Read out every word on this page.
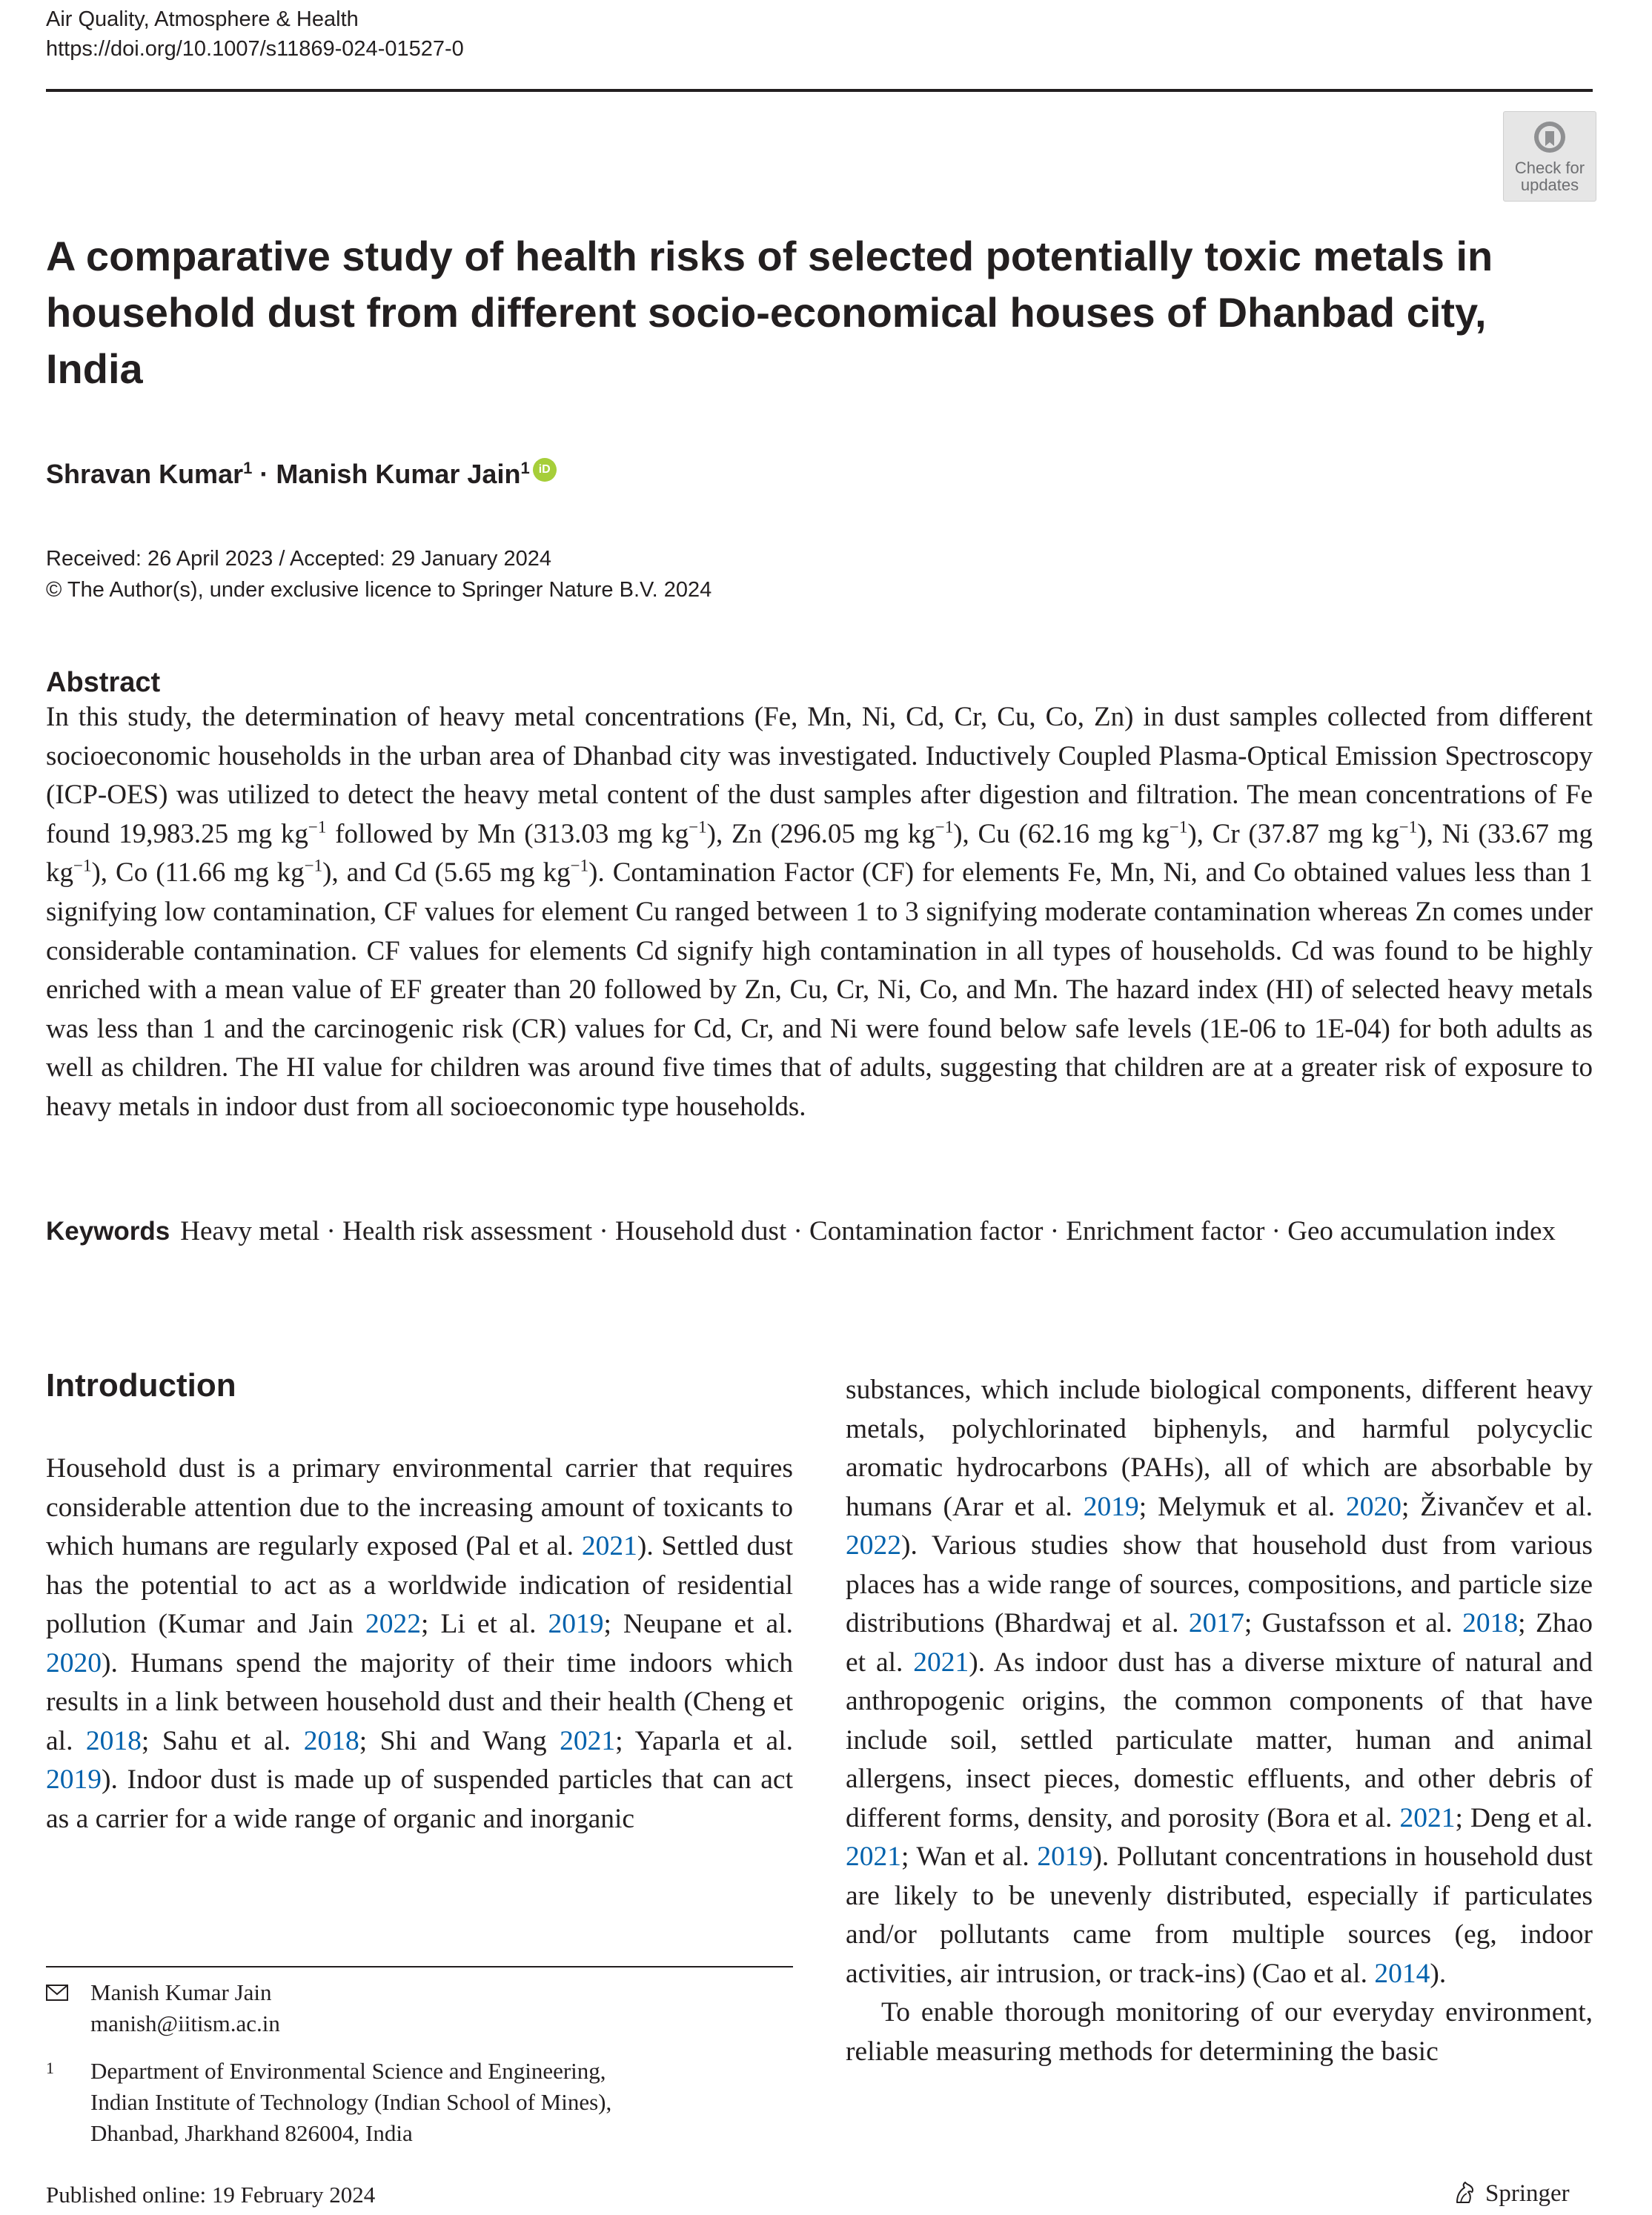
Air Quality, Atmosphere & Health
https://doi.org/10.1007/s11869-024-01527-0
Check for
updates
A comparative study of health risks of selected potentially toxic metals in household dust from different socio-economical houses of Dhanbad city, India
Shravan Kumar$^1$ · Manish Kumar Jain$^1$ iD
Received: 26 April 2023 / Accepted: 29 January 2024
© The Author(s), under exclusive licence to Springer Nature B.V. 2024
Abstract
In this study, the determination of heavy metal concentrations (Fe, Mn, Ni, Cd, Cr, Cu, Co, Zn) in dust samples collected from different socioeconomic households in the urban area of Dhanbad city was investigated. Inductively Coupled Plasma-Optical Emission Spectroscopy (ICP-OES) was utilized to detect the heavy metal content of the dust samples after digestion and filtration. The mean concentrations of Fe found 19,983.25 mg $kg^{-1}$ followed by Mn (313.03 mg $kg^{-1}$), Zn (296.05 mg $kg^{-1}$), Cu (62.16 mg $kg^{-1}$), Cr (37.87 mg $kg^{-1}$), Ni (33.67 mg $kg^{-1}$), Co (11.66 mg $kg^{-1}$), and Cd (5.65 mg $kg^{-1}$). Contamination Factor (CF) for elements Fe, Mn, Ni, and Co obtained values less than 1 signifying low contamination, CF values for element Cu ranged between 1 to 3 signifying moderate contamination whereas Zn comes under considerable contamination. CF values for elements Cd signify high contamination in all types of households. Cd was found to be highly enriched with a mean value of EF greater than 20 followed by Zn, Cu, Cr, Ni, Co, and Mn. The hazard index (HI) of selected heavy metals was less than 1 and the carcinogenic risk (CR) values for Cd, Cr, and Ni were found below safe levels (1E-06 to 1E-04) for both adults as well as children. The HI value for children was around five times that of adults, suggesting that children are at a greater risk of exposure to heavy metals in indoor dust from all socioeconomic type households.
Keywords Heavy metal · Health risk assessment · Household dust · Contamination factor · Enrichment factor · Geo accumulation index
Introduction
Household dust is a primary environmental carrier that requires considerable attention due to the increasing amount of toxicants to which humans are regularly exposed (Pal et al. 2021). Settled dust has the potential to act as a worldwide indication of residential pollution (Kumar and Jain 2022; Li et al. 2019; Neupane et al. 2020). Humans spend the majority of their time indoors which results in a link between household dust and their health (Cheng et al. 2018; Sahu et al. 2018; Shi and Wang 2021; Yaparla et al. 2019). Indoor dust is made up of suspended particles that can act as a carrier for a wide range of organic and inorganic
substances, which include biological components, different heavy metals, polychlorinated biphenyls, and harmful polycyclic aromatic hydrocarbons (PAHs), all of which are absorbable by humans (Arar et al. 2019; Melymuk et al. 2020; Živančev et al. 2022). Various studies show that household dust from various places has a wide range of sources, compositions, and particle size distributions (Bhardwaj et al. 2017; Gustafsson et al. 2018; Zhao et al. 2021). As indoor dust has a diverse mixture of natural and anthropogenic origins, the common components of that have include soil, settled particulate matter, human and animal allergens, insect pieces, domestic effluents, and other debris of different forms, density, and porosity (Bora et al. 2021; Deng et al. 2021; Wan et al. 2019). Pollutant concentrations in household dust are likely to be unevenly distributed, especially if particulates and/or pollutants came from multiple sources (eg, indoor activities, air intrusion, or track-ins) (Cao et al. 2014).
To enable thorough monitoring of our everyday environment, reliable measuring methods for determining the basic
Manish Kumar Jain
manish@iitism.ac.in
1 Department of Environmental Science and Engineering,
Indian Institute of Technology (Indian School of Mines),
Dhanbad, Jharkhand 826004, India
Published online: 19 February 2024	Springer
